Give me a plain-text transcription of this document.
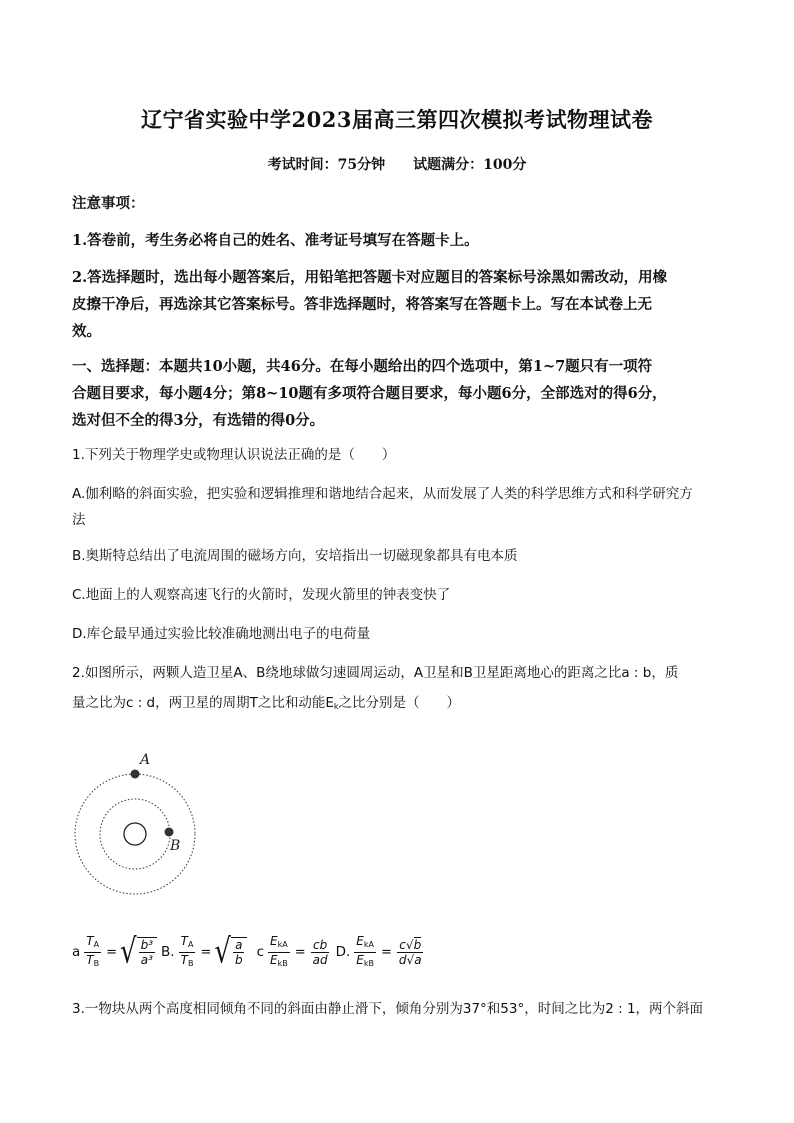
辽宁省实验中学2023届高三第四次模拟考试物理试卷
考试时间：75分钟 试题满分：100分
注意事项：
1.答卷前，考生务必将自己的姓名、准考证号填写在答题卡上。
2.答选择题时，选出每小题答案后，用铅笔把答题卡对应题目的答案标号涂黑如需改动，用橡
皮擦干净后，再选涂其它答案标号。答非选择题时，将答案写在答题卡上。写在本试卷上无
效。
一、选择题：本题共10小题，共46分。在每小题给出的四个选项中，第1~7题只有一项符
合题目要求，每小题4分；第8~10题有多项符合题目要求，每小题6分，全部选对的得6分，
选对但不全的得3分，有选错的得0分。
1.下列关于物理学史或物理认识说法正确的是（　　）
A.伽利略的斜面实验，把实验和逻辑推理和谐地结合起来，从而发展了人类的科学思维方式和科学研究方
法
B.奥斯特总结出了电流周围的磁场方向，安培指出一切磁现象都具有电本质
C.地面上的人观察高速飞行的火箭时，发现火箭里的钟表变快了
D.库仑最早通过实验比较准确地测出电子的电荷量
2.如图所示，两颗人造卫星A、B绕地球做匀速圆周运动，A卫星和B卫星距离地心的距离之比a : b，质
量之比为c : d，两卫星的周期T之比和动能$E_k$之比分别是（　　）
A
B
a $\frac{T_A}{T_B}$ = √ $\frac{\text{b³}}{\text{a³}} B$. $\frac{T_A}{T_B}$ = √ $\frac{a}{b}$ c $\frac{E_{kA}}{E_{kB}} = \frac{cb}{ad} D$. $\frac{E_{kA}}{E_{kB}} = \frac{c√b}{d√a}$
3.一物块从两个高度相同倾角不同的斜面由静止滑下，倾角分别为37°和53°，时间之比为2 : 1，两个斜面
